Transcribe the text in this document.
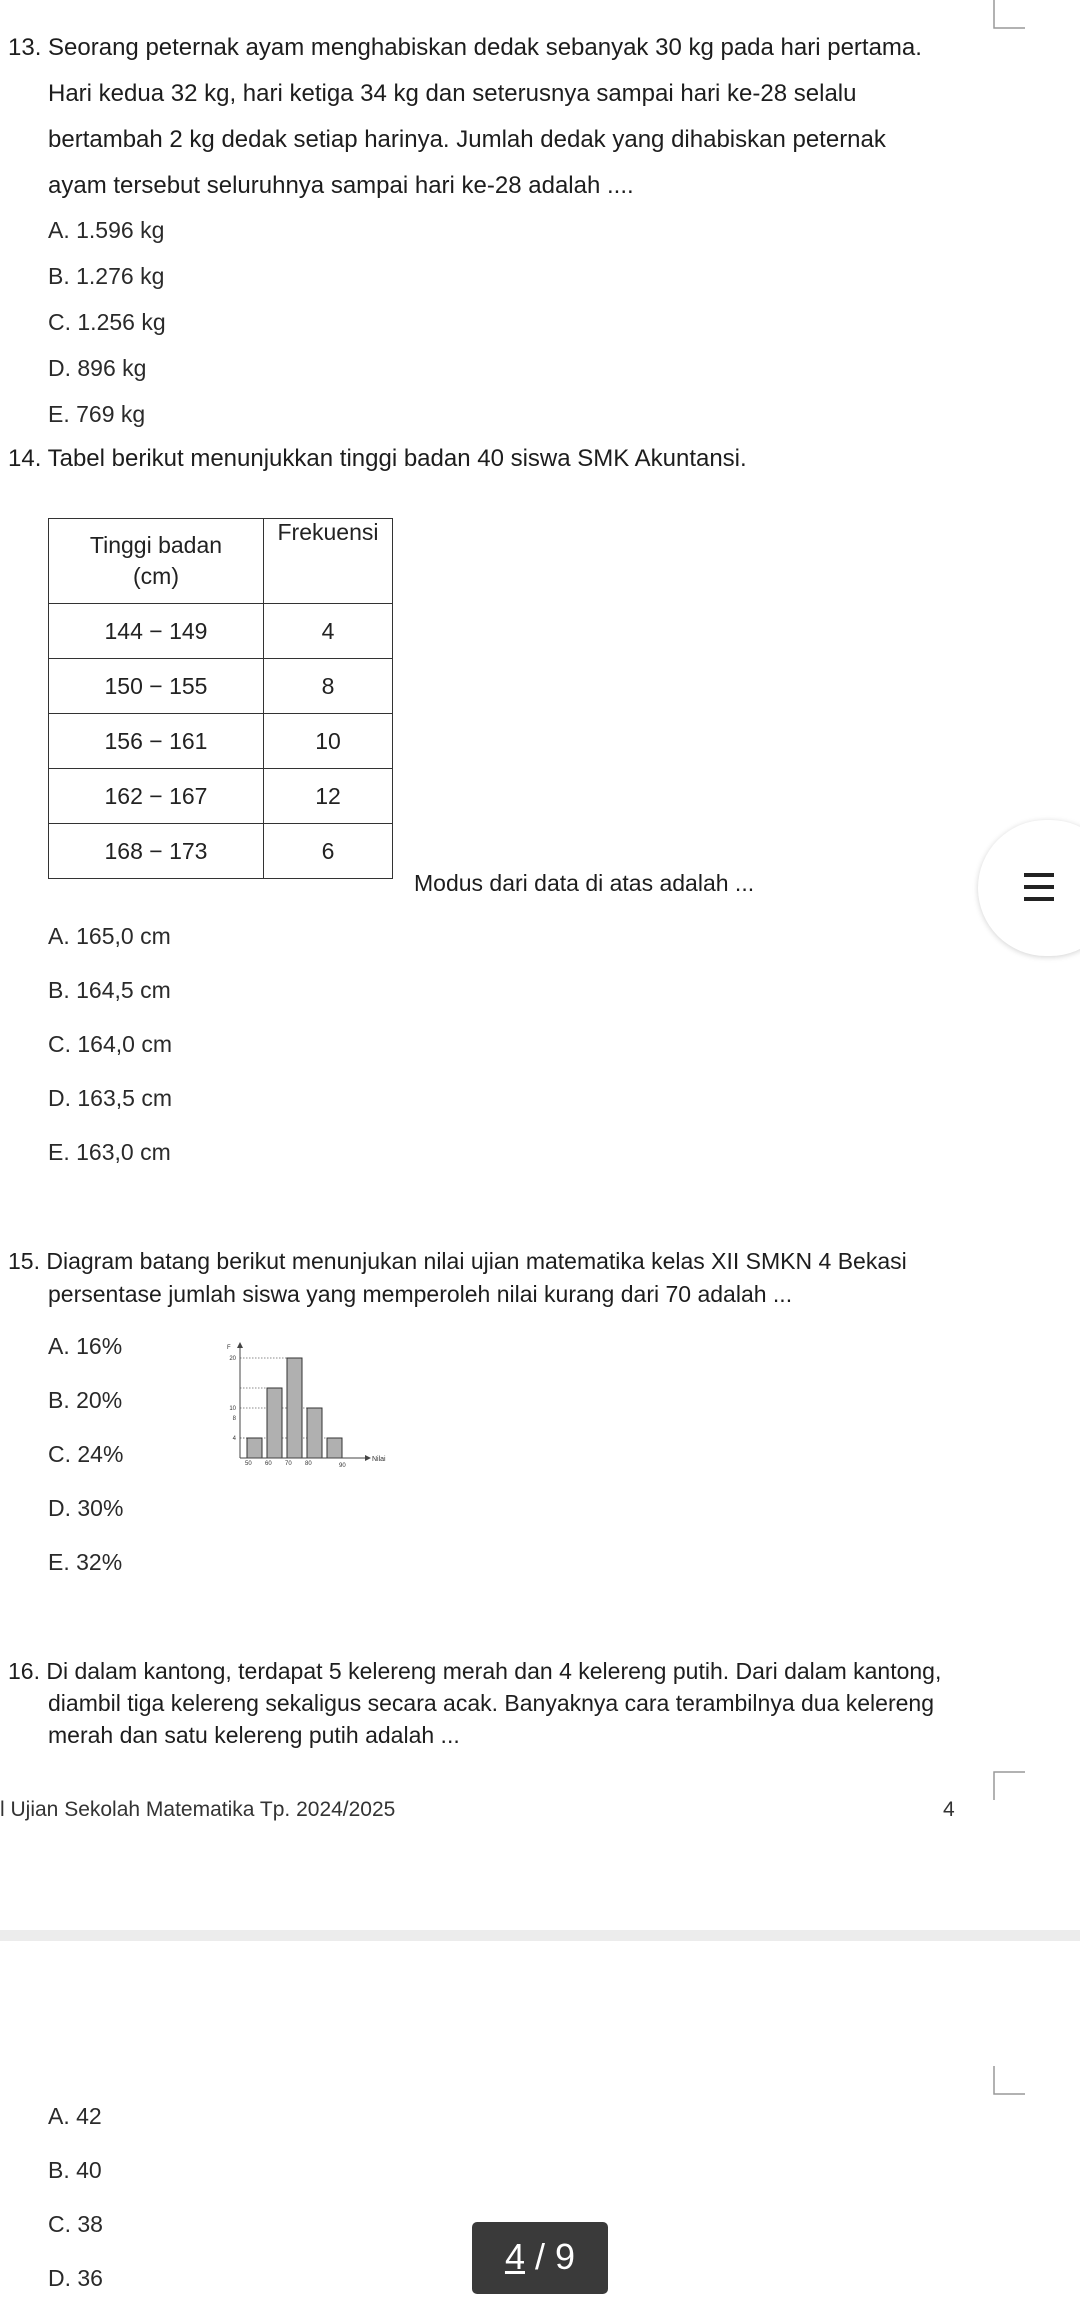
13. Seorang peternak ayam menghabiskan dedak sebanyak 30 kg pada hari pertama.
Hari kedua 32 kg, hari ketiga 34 kg dan seterusnya sampai hari ke-28 selalu
bertambah 2 kg dedak setiap harinya. Jumlah dedak yang dihabiskan peternak
ayam tersebut seluruhnya sampai hari ke-28 adalah ....
A. 1.596 kg
B. 1.276 kg
C. 1.256 kg
D. 896 kg
E. 769 kg
14. Tabel berikut menunjukkan tinggi badan 40 siswa SMK Akuntansi.
Tinggi badan
(cm)	Frekuensi

144 − 149	4
150 − 155	8
156 − 161	10
162 − 167	12
168 − 173	6
Modus dari data di atas adalah ...
A. 165,0 cm
B. 164,5 cm
C. 164,0 cm
D. 163,5 cm
E. 163,0 cm
15. Diagram batang berikut menunjukan nilai ujian matematika kelas XII SMKN 4 Bekasi
persentase jumlah siswa yang memperoleh nilai kurang dari 70 adalah ...
A. 16%
B. 20%
C. 24%
D. 30%
E. 32%
50 60 70 80	90
4
8
10
20
F
Nilai
16. Di dalam kantong, terdapat 5 kelereng merah dan 4 kelereng putih. Dari dalam kantong,
diambil tiga kelereng sekaligus secara acak. Banyaknya cara terambilnya dua kelereng
merah dan satu kelereng putih adalah ...
l Ujian Sekolah Matematika Tp. 2024/2025	4
A. 42
B. 40
C. 38
D. 36
4 / 9
